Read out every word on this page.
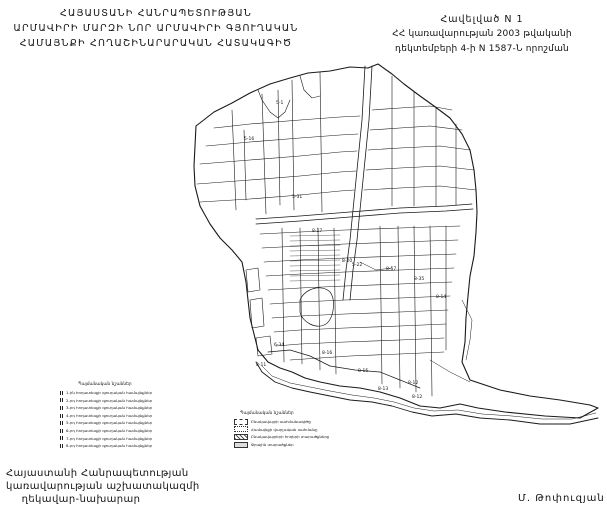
ՀԱՅԱՍՏԱՆԻ ՀԱՆՐԱՊԵՏՈՒԹՅԱՆ
ԱՐՄԱՎԻՐԻ ՄԱՐԶԻ ՆՈՐ ԱՐՄԱՎԻՐԻ ԳՅՈՒՂԱԿԱՆ
ՀԱՄԱՅՆՔԻ ՀՈՂԱՇԻՆԱՐԱՐԱԿԱՆ ՀԱՏԱԿԱԳԻԾ
Հավելված N 1
ՀՀ կառավարության 2003 թվականի
դեկտեմբերի 4-ի N 1587-Ն որոշման
5-1
5-16
5-31
8-17
8-57
5-22
8-35
6-34
8-16
8-20
8-15
8-12
8-14
8-11
8-12
8-13
Պայմանական նշաններ
1-ին հողատեսքի գյուղական համայնքներ
2-րդ հողատեսքի գյուղական համայնքներ
3-րդ հողատեսքի գյուղական համայնքներ
4-րդ հողատեսքի գյուղական համայնքներ
5-րդ հողատեսքի գյուղական համայնքներ
6-րդ հողատեսքի գյուղական համայնքներ
7-րդ հողատեսքի գյուղական համայնքներ
8-րդ հողատեսքի գյուղական համայնքներ
Պայմանական նշաններ
Բնակավայրի սահմանագիծը
Համայնքի վարչական սահմանը
Բնակավայրերի հողերի տարածքները
Ջրային տարածքներ
Հայաստանի Հանրապետության
կառավարության աշխատակազմի
ղեկավար-նախարար	Մ. Թոփուզյան
